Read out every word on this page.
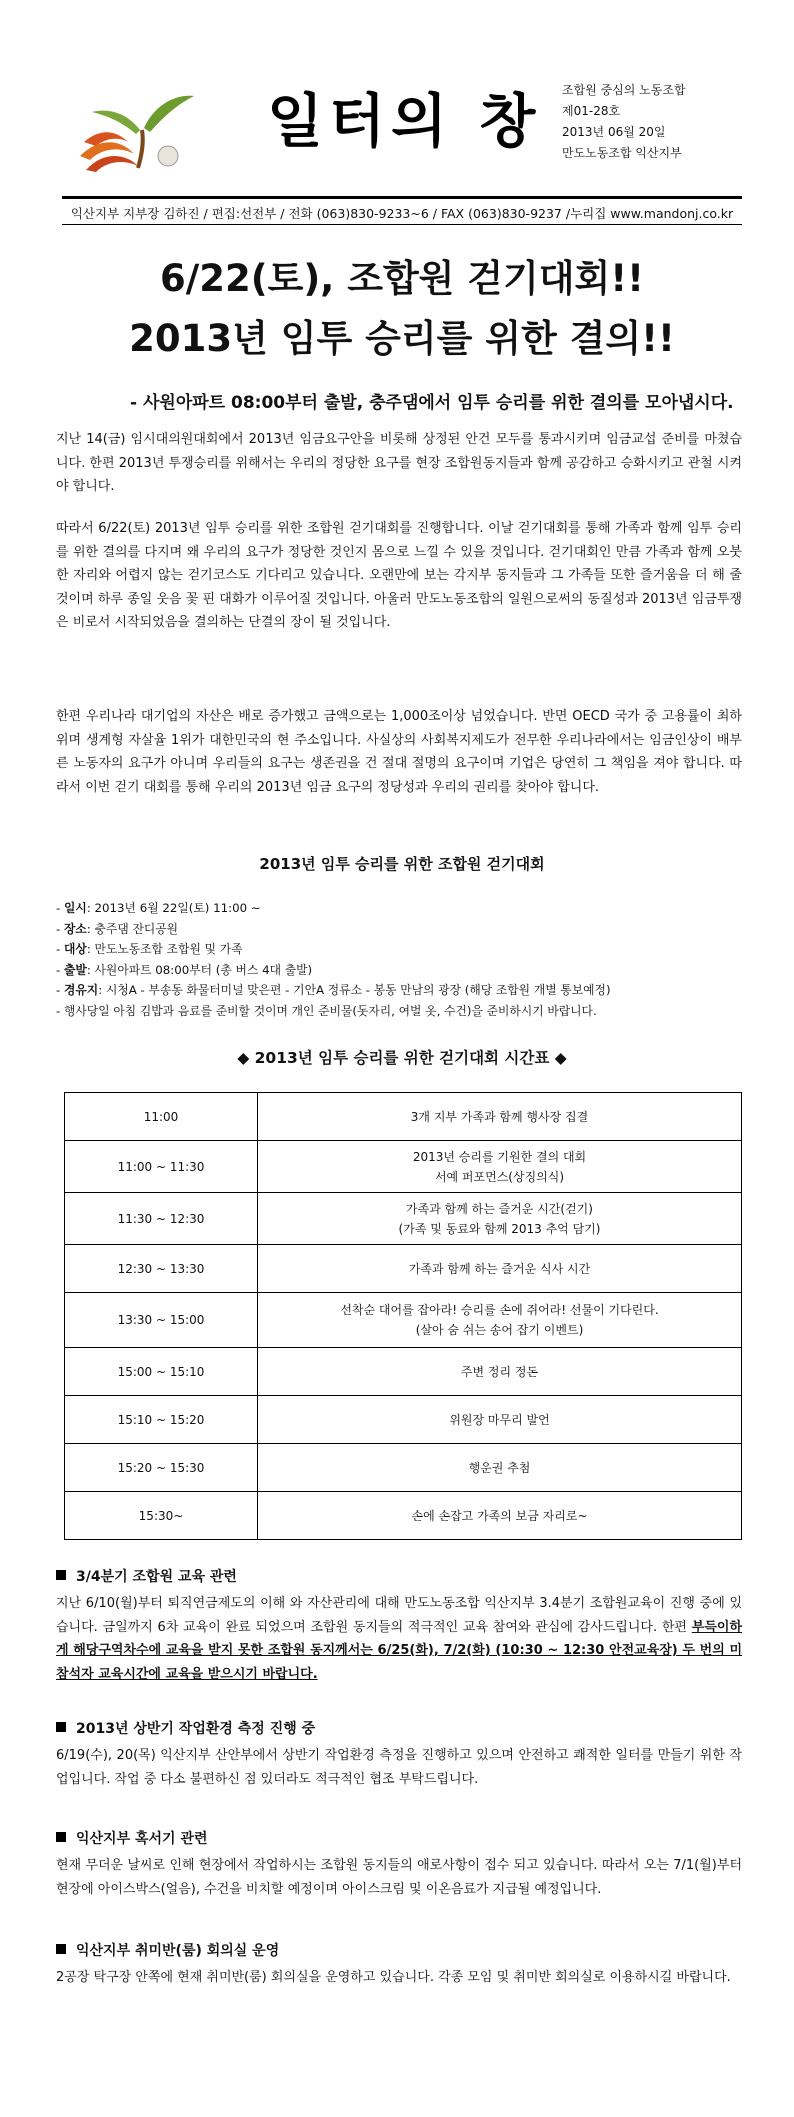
일터의 창 조합원 중심의 노동조합
제01-28호
2013년 06월 20일
만도노동조합 익산지부
익산지부 지부장 김하진 / 편집:선전부 / 전화 (063)830-9233~6 / FAX (063)830-9237 /누리집 www.mandonj.co.kr
6/22(토), 조합원 걷기대회!!
2013년 임투 승리를 위한 결의!!
- 사원아파트 08:00부터 출발, 충주댐에서 임투 승리를 위한 결의를 모아냅시다.

지난 14(금) 임시대의원대회에서 2013년 임금요구안을 비롯해 상정된 안건 모두를 통과시키며 임금교섭 준비를 마쳤습니다. 한편 2013년 투쟁승리를 위해서는 우리의 정당한 요구를 현장 조합원동지들과 함께 공감하고 승화시키고 관철 시켜야 합니다.

따라서 6/22(토) 2013년 임투 승리를 위한 조합원 걷기대회를 진행합니다. 이날 걷기대회를 통해 가족과 함께 임투 승리를 위한 결의를 다지며 왜 우리의 요구가 정당한 것인지 몸으로 느낄 수 있을 것입니다. 걷기대회인 만큼 가족과 함께 오붓한 자리와 어렵지 않는 걷기코스도 기다리고 있습니다. 오랜만에 보는 각지부 동지들과 그 가족들 또한 즐거움을 더 해 줄 것이며 하루 종일 웃음 꽃 핀 대화가 이루어질 것입니다. 아울러 만도노동조합의 일원으로써의 동질성과 2013년 임금투쟁은 비로서 시작되었음을 결의하는 단결의 장이 될 것입니다.

한편 우리나라 대기업의 자산은 배로 증가했고 금액으로는 1,000조이상 넘었습니다. 반면 OECD 국가 중 고용률이 최하위며 생계형 자살율 1위가 대한민국의 현 주소입니다. 사실상의 사회복지제도가 전무한 우리나라에서는 임금인상이 배부른 노동자의 요구가 아니며 우리들의 요구는 생존권을 건 절대 절명의 요구이며 기업은 당연히 그 책임을 져야 합니다. 따라서 이번 걷기 대회를 통해 우리의 2013년 임금 요구의 정당성과 우리의 권리를 찾아야 합니다.

2013년 임투 승리를 위한 조합원 걷기대회
- 일시: 2013년 6월 22일(토) 11:00 ~
- 장소: 충주댐 잔디공원
- 대상: 만도노동조합 조합원 및 가족
- 출발: 사원아파트 08:00부터 (총 버스 4대 출발)
- 경유지: 시청A - 부송동 화물터미널 맞은편 - 기안A 정류소 - 봉동 만남의 광장 (해당 조합원 개별 통보예정)
- 행사당일 아침 김밥과 음료를 준비할 것이며 개인 준비물(돗자리, 여벌 옷, 수건)을 준비하시기 바랍니다.
◆ 2013년 임투 승리를 위한 걷기대회 시간표 ◆
11:00	3개 지부 가족과 함께 행사장 집결
11:00 ~ 11:30	2013년 승리를 기원한 결의 대회
서예 퍼포먼스(상징의식)
11:30 ~ 12:30	가족과 함께 하는 즐거운 시간(걷기)
(가족 및 동료와 함께 2013 추억 담기)
12:30 ~ 13:30	가족과 함께 하는 즐거운 식사 시간
13:30 ~ 15:00	선착순 대어를 잡아라! 승리를 손에 쥐어라! 선물이 기다린다.
(살아 숨 쉬는 송어 잡기 이벤트)
15:00 ~ 15:10	주변 정리 정돈
15:10 ~ 15:20	위원장 마무리 발언
15:20 ~ 15:30	행운권 추첨
15:30~	손에 손잡고 가족의 보금 자리로~
3/4분기 조합원 교육 관련

지난 6/10(월)부터 퇴직연금제도의 이해 와 자산관리에 대해 만도노동조합 익산지부 3.4분기 조합원교육이 진행 중에 있습니다. 금일까지 6차 교육이 완료 되었으며 조합원 동지들의 적극적인 교육 참여와 관심에 감사드립니다. 한편 부득이하게 해당구역차수에 교육을 받지 못한 조합원 동지께서는 6/25(화), 7/2(화) (10:30 ~ 12:30 안전교육장) 두 번의 미 참석자 교육시간에 교육을 받으시기 바랍니다.

2013년 상반기 작업환경 측정 진행 중

6/19(수), 20(목) 익산지부 산안부에서 상반기 작업환경 측정을 진행하고 있으며 안전하고 쾌적한 일터를 만들기 위한 작업입니다. 작업 중 다소 불편하신 점 있더라도 적극적인 협조 부탁드립니다.

익산지부 혹서기 관련

현재 무더운 날씨로 인해 현장에서 작업하시는 조합원 동지들의 애로사항이 접수 되고 있습니다. 따라서 오는 7/1(월)부터 현장에 아이스박스(얼음), 수건을 비치할 예정이며 아이스크림 및 이온음료가 지급될 예정입니다.

익산지부 취미반(룸) 회의실 운영

2공장 탁구장 안쪽에 현재 취미반(룸) 회의실을 운영하고 있습니다. 각종 모임 및 취미반 회의실로 이용하시길 바랍니다.
